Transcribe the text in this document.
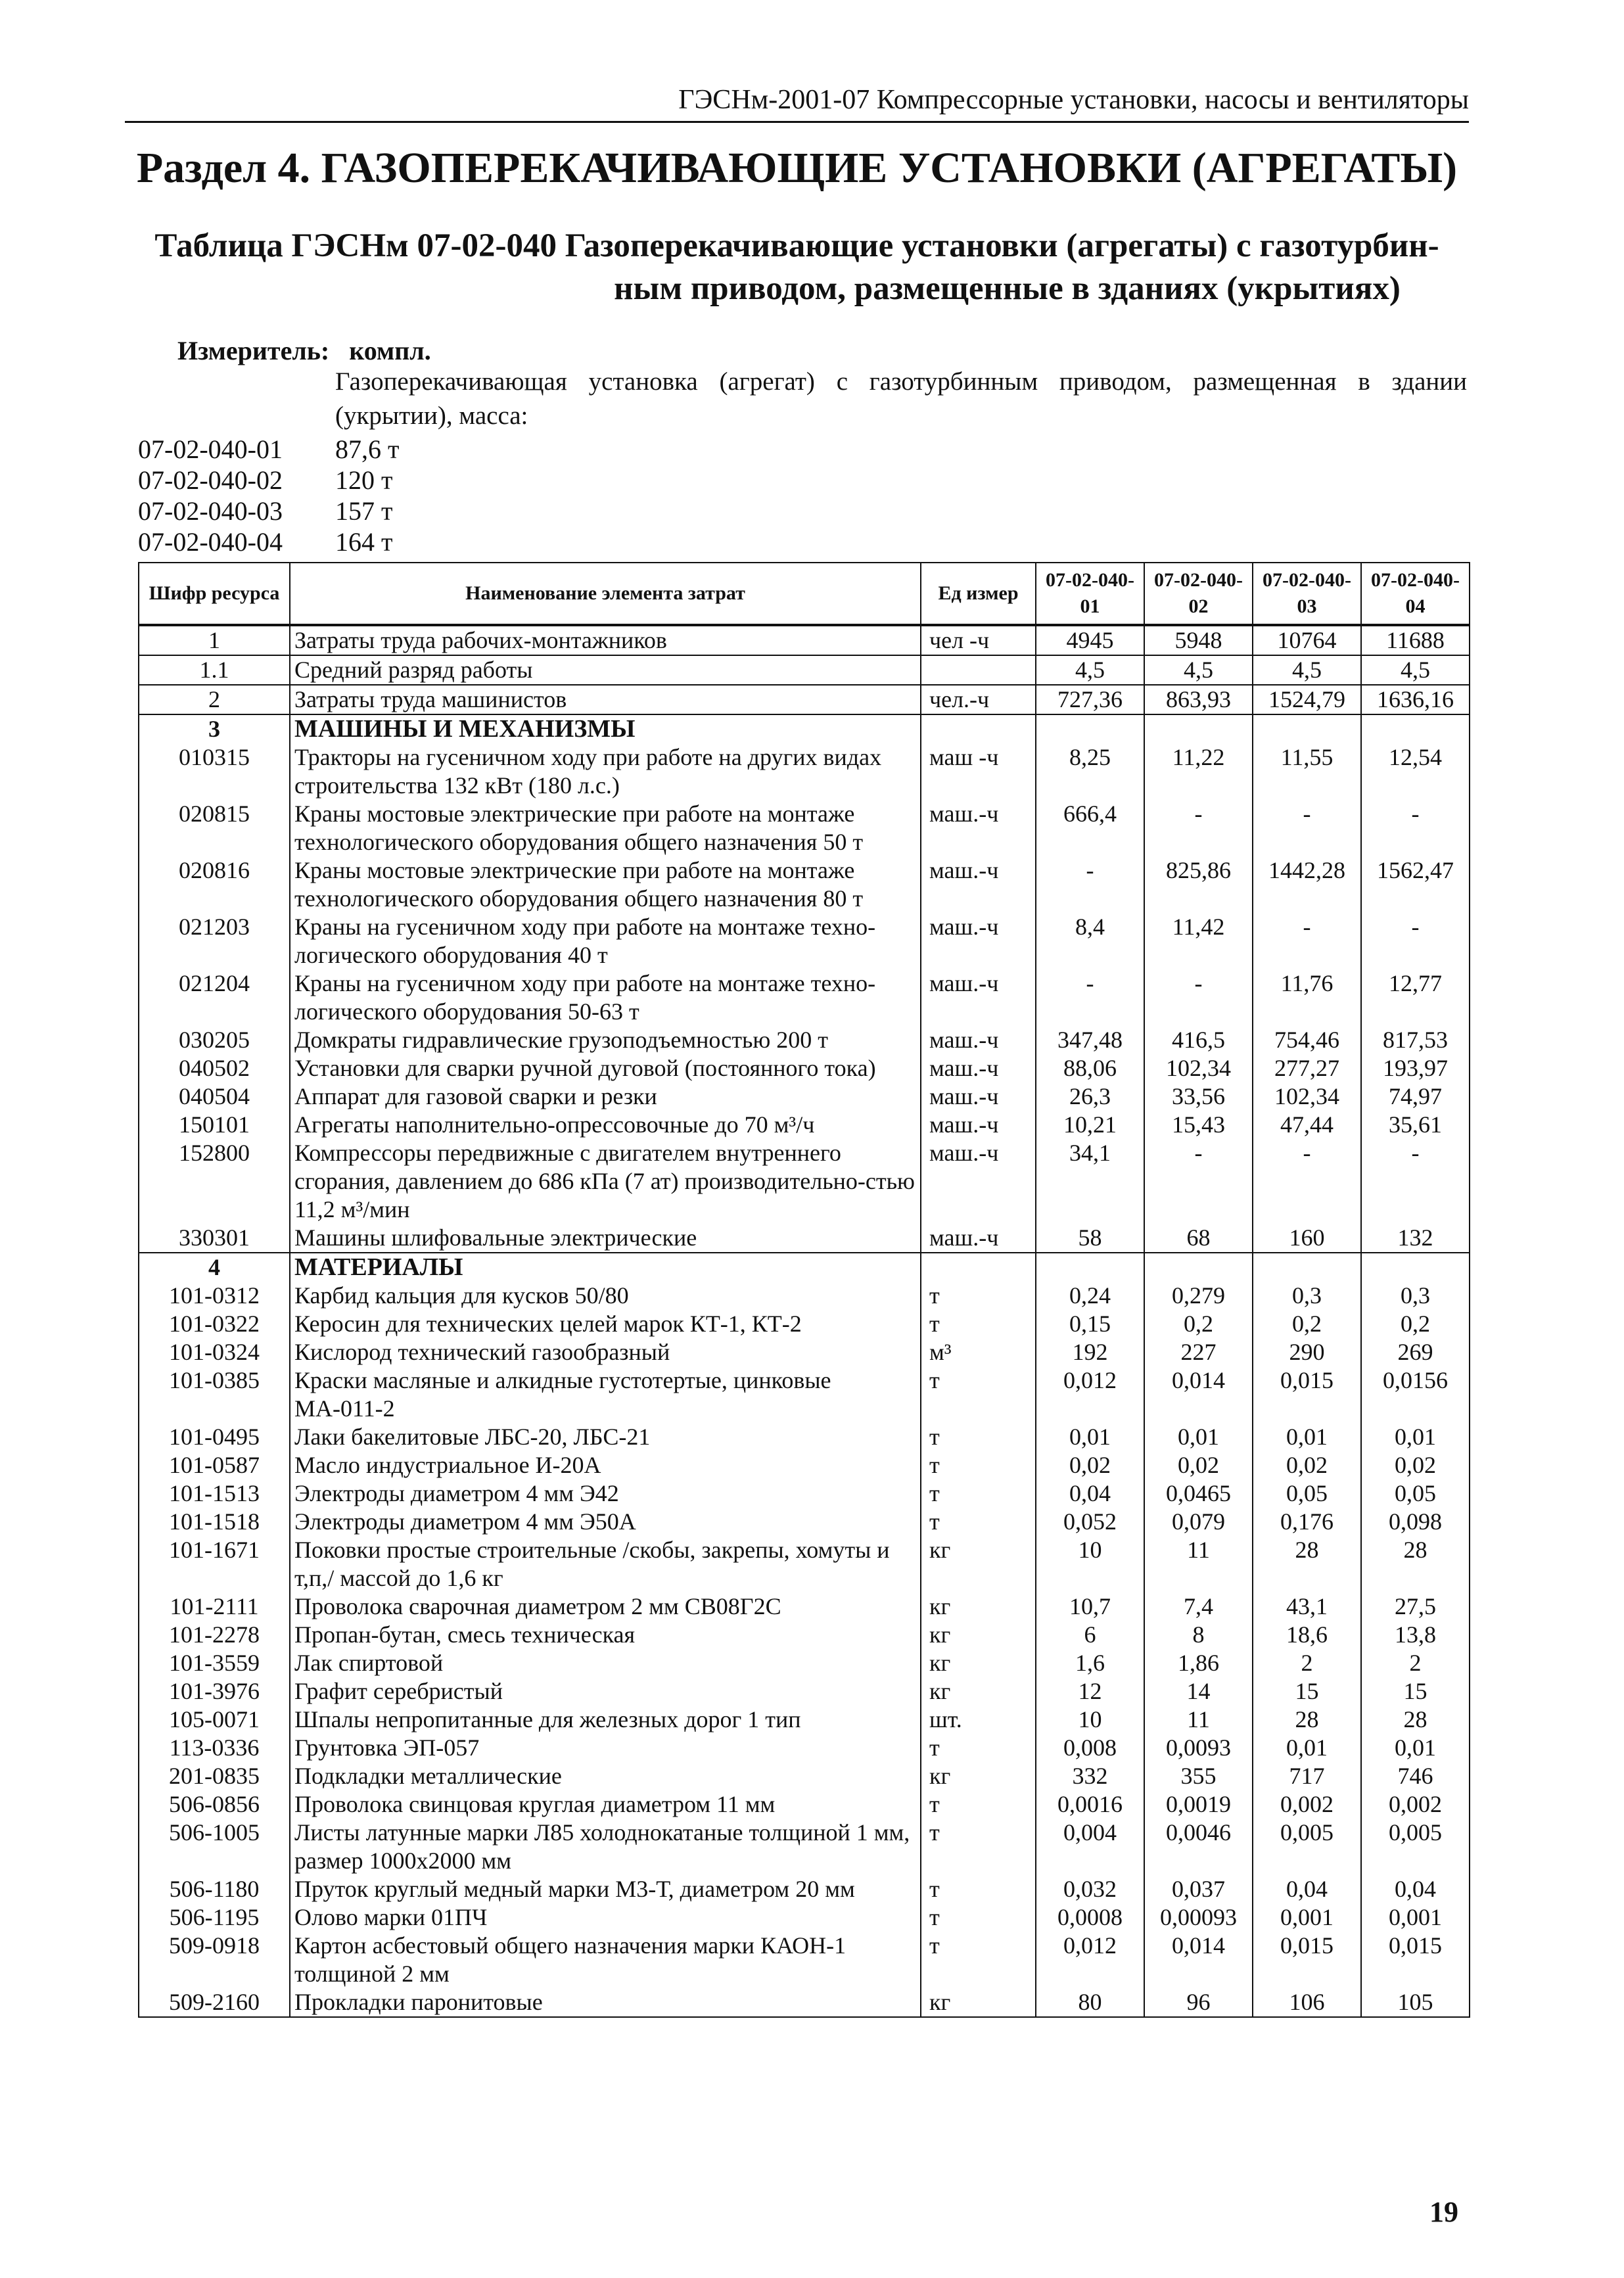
ГЭСНм-2001-07 Компрессорные установки, насосы и вентиляторы
Раздел 4. ГАЗОПЕРЕКАЧИВАЮЩИЕ УСТАНОВКИ (АГРЕГАТЫ)
Таблица ГЭСНм 07-02-040 Газоперекачивающие установки (агрегаты) с газотурбин-
ным приводом, размещенные в зданиях (укрытиях)
Измеритель: компл.
Газоперекачивающая установка (агрегат) с газотурбинным приводом, размещенная в здании (укрытии), масса:
07-02-040-01 87,6 т
07-02-040-02 120 т
07-02-040-03 157 т
07-02-040-04 164 т
Шифр ресурса	Наименование элемента затрат	Ед измер	07-02-040-01	07-02-040-02	07-02-040-03	07-02-040-04
1	Затраты труда рабочих-монтажников	чел -ч	4945	5948	10764	11688
1.1	Средний разряд работы		4,5	4,5	4,5	4,5
2	Затраты труда машинистов	чел.-ч	727,36	863,93	1524,79	1636,16
3	МАШИНЫ И МЕХАНИЗМЫ					
010315	Тракторы на гусеничном ходу при работе на других видах строительства 132 кВт (180 л.с.)	маш -ч	8,25	11,22	11,55	12,54
020815	Краны мостовые электрические при работе на монтаже технологического оборудования общего назначения 50 т	маш.-ч	666,4	-	-	-
020816	Краны мостовые электрические при работе на монтаже технологического оборудования общего назначения 80 т	маш.-ч	-	825,86	1442,28	1562,47
021203	Краны на гусеничном ходу при работе на монтаже техно-логического оборудования 40 т	маш.-ч	8,4	11,42	-	-
021204	Краны на гусеничном ходу при работе на монтаже техно-логического оборудования 50-63 т	маш.-ч	-	-	11,76	12,77
030205	Домкраты гидравлические грузоподъемностью 200 т	маш.-ч	347,48	416,5	754,46	817,53
040502	Установки для сварки ручной дуговой (постоянного тока)	маш.-ч	88,06	102,34	277,27	193,97
040504	Аппарат для газовой сварки и резки	маш.-ч	26,3	33,56	102,34	74,97
150101	Агрегаты наполнительно-опрессовочные до 70 м³/ч	маш.-ч	10,21	15,43	47,44	35,61
152800	Компрессоры передвижные с двигателем внутреннего сгорания, давлением до 686 кПа (7 ат) производительно-стью 11,2 м³/мин	маш.-ч	34,1	-	-	-
330301	Машины шлифовальные электрические	маш.-ч	58	68	160	132
4	МАТЕРИАЛЫ					
101-0312	Карбид кальция для кусков 50/80	т	0,24	0,279	0,3	0,3
101-0322	Керосин для технических целей марок КТ-1, КТ-2	т	0,15	0,2	0,2	0,2
101-0324	Кислород технический газообразный	м³	192	227	290	269
101-0385	Краски масляные и алкидные густотертые, цинковые МА-011-2	т	0,012	0,014	0,015	0,0156
101-0495	Лаки бакелитовые ЛБС-20, ЛБС-21	т	0,01	0,01	0,01	0,01
101-0587	Масло индустриальное И-20А	т	0,02	0,02	0,02	0,02
101-1513	Электроды диаметром 4 мм Э42	т	0,04	0,0465	0,05	0,05
101-1518	Электроды диаметром 4 мм Э50А	т	0,052	0,079	0,176	0,098
101-1671	Поковки простые строительные /скобы, закрепы, хомуты и т,п,/ массой до 1,6 кг	кг	10	11	28	28
101-2111	Проволока сварочная диаметром 2 мм СВ08Г2С	кг	10,7	7,4	43,1	27,5
101-2278	Пропан-бутан, смесь техническая	кг	6	8	18,6	13,8
101-3559	Лак спиртовой	кг	1,6	1,86	2	2
101-3976	Графит серебристый	кг	12	14	15	15
105-0071	Шпалы непропитанные для железных дорог 1 тип	шт.	10	11	28	28
113-0336	Грунтовка ЭП-057	т	0,008	0,0093	0,01	0,01
201-0835	Подкладки металлические	кг	332	355	717	746
506-0856	Проволока свинцовая круглая диаметром 11 мм	т	0,0016	0,0019	0,002	0,002
506-1005	Листы латунные марки Л85 холоднокатаные толщиной 1 мм, размер 1000х2000 мм	т	0,004	0,0046	0,005	0,005
506-1180	Пруток круглый медный марки М3-Т, диаметром 20 мм	т	0,032	0,037	0,04	0,04
506-1195	Олово марки 01ПЧ	т	0,0008	0,00093	0,001	0,001
509-0918	Картон асбестовый общего назначения марки КАОН-1 толщиной 2 мм	т	0,012	0,014	0,015	0,015
509-2160	Прокладки паронитовые	кг	80	96	106	105
19
